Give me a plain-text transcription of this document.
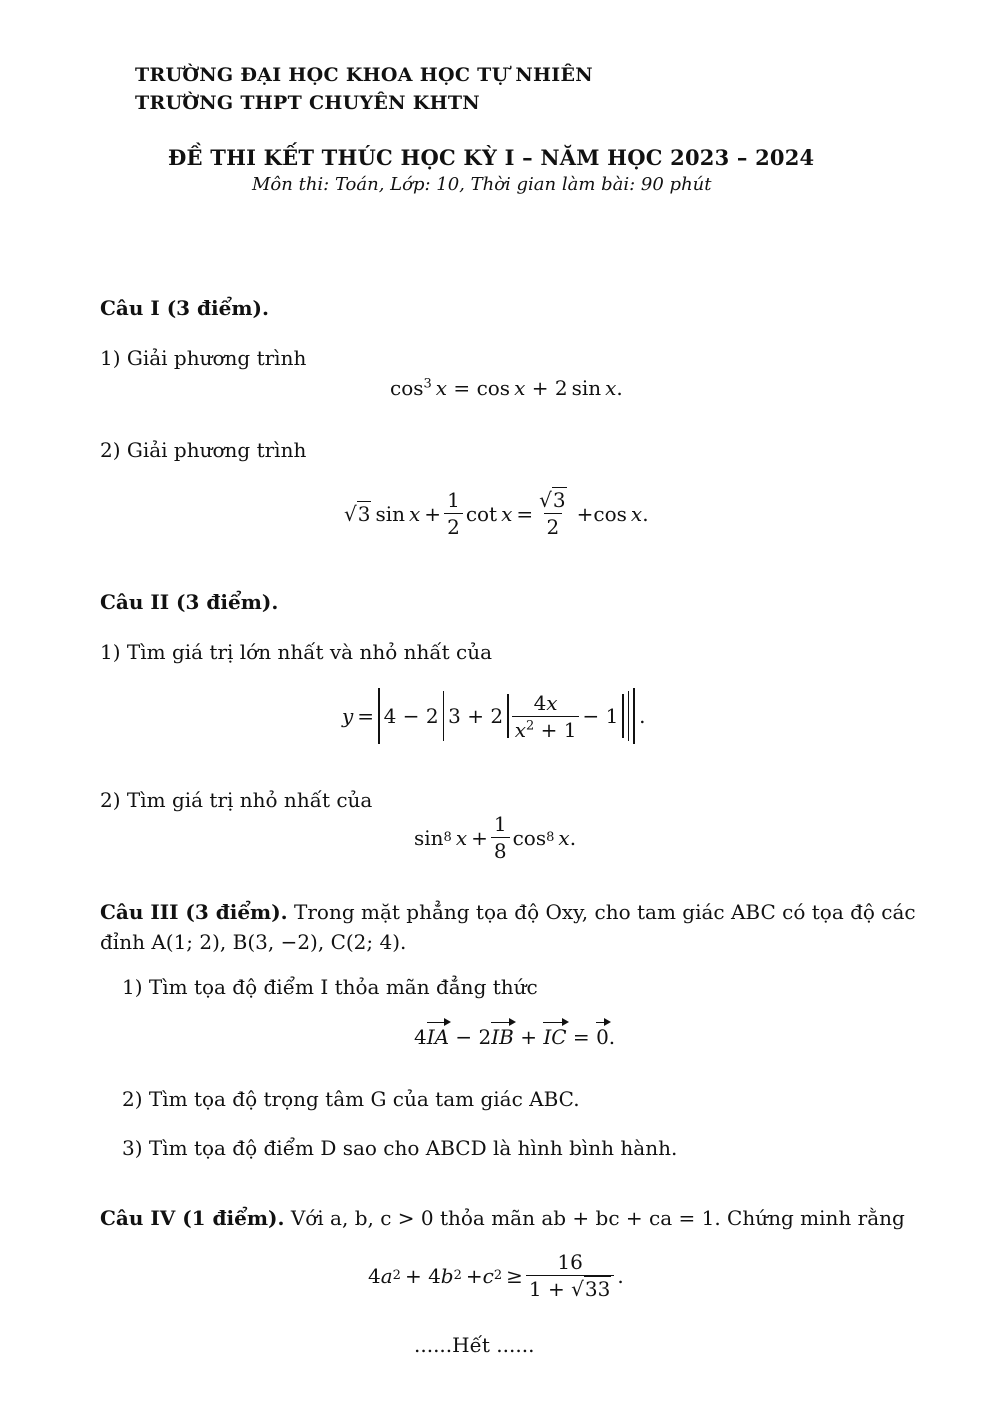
TRƯỜNG ĐẠI HỌC KHOA HỌC TỰ NHIÊN
TRƯỜNG THPT CHUYÊN KHTN
ĐỀ THI KẾT THÚC HỌC KỲ I – NĂM HỌC 2023 – 2024
Môn thi: Toán, Lớp: 10, Thời gian làm bài: 90 phút
Câu I (3 điểm).
1) Giải phương trình
$\cos^3 x = \cos x + 2$ sin  x.
2) Giải phương trình
√3
  sin
  $x + \frac{1}{2}$ cot
  $x = \frac{√3}{2} + \cos$
  x .
Câu II (3 điểm).
1) Tìm giá trị lớn nhất và nhỏ nhất của
y  = 
 4 − 2 
 $3 + 2 \frac{4x}{x^2 + 1} - 1$ 

 .
2) Tìm giá trị nhỏ nhất của
sin 8
  $x + \frac{1}{8}$ cos 8
  x .
Câu III (3 điểm). Trong mặt phẳng tọa độ Oxy, cho tam giác ABC có tọa độ các
đỉnh A(1; 2), B(3, −2), C(2; 4).
1) Tìm tọa độ điểm I thỏa mãn đẳng thức
4IA − 2IB + IC = 0.
2) Tìm tọa độ trọng tâm G của tam giác ABC.
3) Tìm tọa độ điểm D sao cho ABCD là hình bình hành.
Câu IV (1 điểm). Với a, b, c > 0 thỏa mãn ab + bc + ca = 1. Chứng minh rằng
4 a 2  + 4 b 2  + c $2 \ge \frac{16}{1 + √33}$ .
......Hết ......
